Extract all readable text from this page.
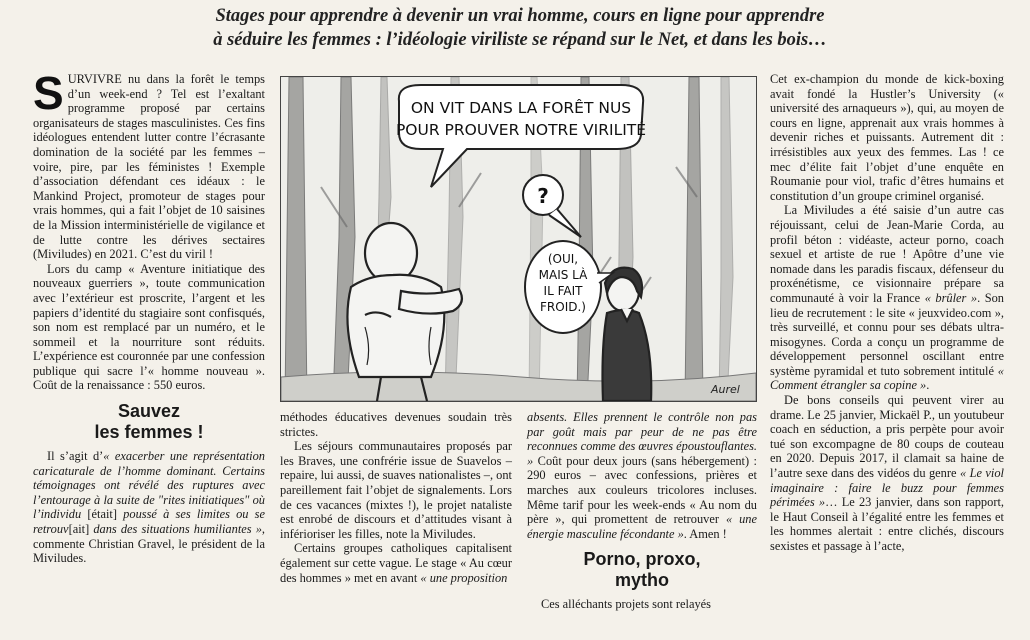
Stages pour apprendre à devenir un vrai homme, cours en ligne pour apprendre
à séduire les femmes : l’idéologie viriliste se répand sur le Net, et dans les bois…

SURVIVRE nu dans la forêt le temps d’un week-end ? Tel est l’exaltant programme proposé par certains organisateurs de stages masculinistes. Ces fins idéologues entendent lutter contre l’écrasante domination de la société par les femmes – voire, pire, par les féministes ! Exemple d’association défendant ces idéaux : le Mankind Project, promoteur de stages pour vrais hommes, qui a fait l’objet de 10 saisines de la Mission interministérielle de vigilance et de lutte contre les dérives sectaires (Miviludes) en 2021. C’est du viril !

Lors du camp « Aventure initiatique des nouveaux guerriers », toute communication avec l’extérieur est proscrite, l’argent et les papiers d’identité du stagiaire sont confisqués, son nom est remplacé par un numéro, et le sommeil et la nourriture sont réduits. L’expérience est couronnée par une confession publique qui sacre l’« homme nouveau ». Coût de la renaissance : 550 euros.

Sauvez
les femmes !

Il s’agit d’« exacerber une représentation caricaturale de l’homme dominant. Certains témoignages ont révélé des ruptures avec l’entourage à la suite de "rites initiatiques" où l’individu [était] poussé à ses limites ou se retrouv[ait] dans des situations humiliantes », commente Christian Gravel, le président de la Miviludes.

ON VIT DANS LA FORÊT NUS
POUR PROUVER NOTRE VIRILITÉ
?
(OUI,
MAIS LÀ
IL FAIT
FROID.)
Aurel

méthodes éducatives devenues soudain très strictes.

Les séjours communautaires proposés par les Braves, une confrérie issue de Suavelos – repaire, lui aussi, de suaves nationalistes –, ont pareillement fait l’objet de signalements. Lors de ces vacances (mixtes !), le projet nataliste est enrobé de discours et d’attitudes visant à inférioriser les filles, note la Miviludes.

Certains groupes catholiques capitalisent également sur cette vague. Le stage « Au cœur des hommes » met en avant « une proposition

absents. Elles prennent le contrôle non pas par goût mais par peur de ne pas être reconnues comme des œuvres époustouflantes. » Coût pour deux jours (sans hébergement) : 290 euros – avec confessions, prières et marches aux couleurs tricolores incluses. Même tarif pour les week-ends « Au nom du père », qui promettent de retrouver « une énergie masculine fécondante ». Amen !

Porno, proxo,
mytho

Ces alléchants projets sont relayés

Cet ex-champion du monde de kick-boxing avait fondé la Hustler’s University (« université des arnaqueurs »), qui, au moyen de cours en ligne, apprenait aux vrais hommes à devenir riches et puissants. Autrement dit : irrésistibles aux yeux des femmes. Las ! ce mec d’élite fait l’objet d’une enquête en Roumanie pour viol, trafic d’êtres humains et constitution d’un groupe criminel organisé.

La Miviludes a été saisie d’un autre cas réjouissant, celui de Jean-Marie Corda, au profil béton : vidéaste, acteur porno, coach sexuel et artiste de rue ! Apôtre d’une vie nomade dans les paradis fiscaux, défenseur du proxénétisme, ce visionnaire prépare sa communauté à voir la France « brûler ». Son lieu de recrutement : le site « jeuxvideo.com », très surveillé, et connu pour ses débats ultra-misogynes. Corda a conçu un programme de développement personnel oscillant entre système pyramidal et tuto sobrement intitulé « Comment étrangler sa copine ».

De bons conseils qui peuvent virer au drame. Le 25 janvier, Mickaël P., un youtubeur coach en séduction, a pris perpète pour avoir tué son excompagne de 80 coups de couteau en 2020. Depuis 2017, il clamait sa haine de l’autre sexe dans des vidéos du genre « Le viol imaginaire : faire le buzz pour femmes périmées »… Le 23 janvier, dans son rapport, le Haut Conseil à l’égalité entre les femmes et les hommes alertait : entre clichés, discours sexistes et passage à l’acte,
